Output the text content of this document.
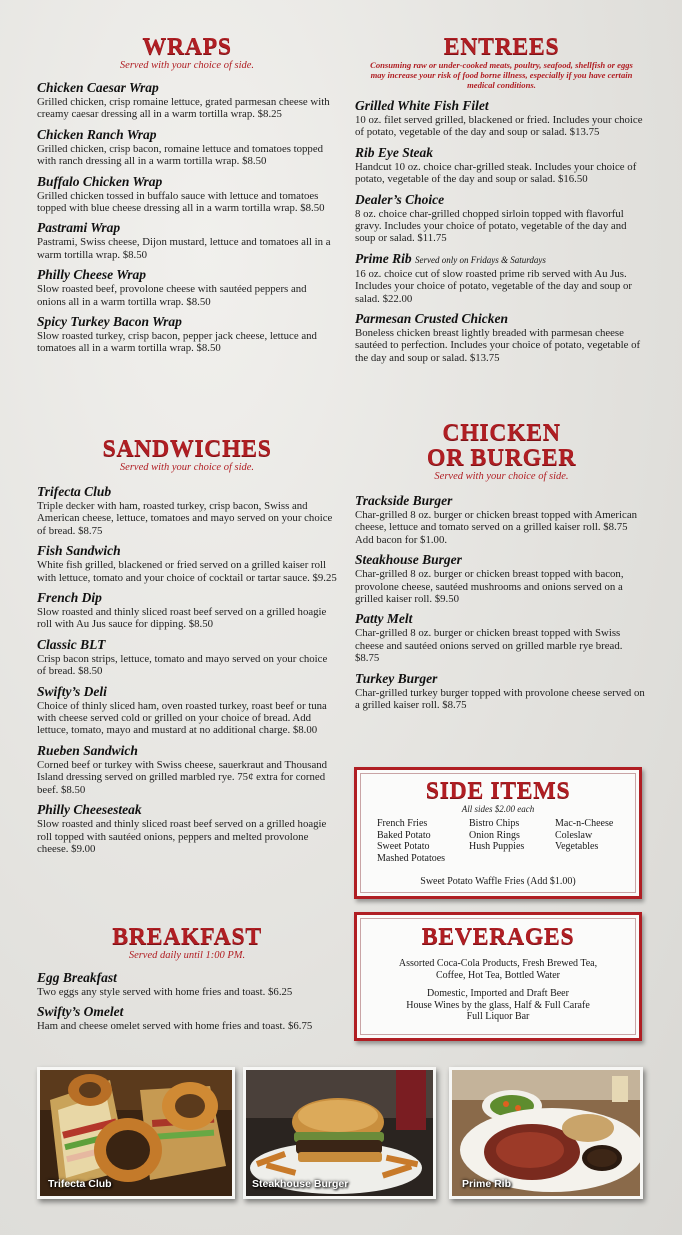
WRAPS
Served with your choice of side.
Chicken Caesar Wrap
Grilled chicken, crisp romaine lettuce, grated parmesan cheese with creamy caesar dressing all in a warm tortilla wrap. $8.25
Chicken Ranch Wrap
Grilled chicken, crisp bacon, romaine lettuce and tomatoes topped with ranch dressing all in a warm tortilla wrap. $8.50
Buffalo Chicken Wrap
Grilled chicken tossed in buffalo sauce with lettuce and tomatoes topped with blue cheese dressing all in a warm tortilla wrap. $8.50
Pastrami Wrap
Pastrami, Swiss cheese, Dijon mustard, lettuce and tomatoes all in a warm tortilla wrap. $8.50
Philly Cheese Wrap
Slow roasted beef, provolone cheese with sautéed peppers and onions all in a warm tortilla wrap. $8.50
Spicy Turkey Bacon Wrap
Slow roasted turkey, crisp bacon, pepper jack cheese, lettuce and tomatoes all in a warm tortilla wrap. $8.50
SANDWICHES
Served with your choice of side.
Trifecta Club
Triple decker with ham, roasted turkey, crisp bacon, Swiss and American cheese, lettuce, tomatoes and mayo served on your choice of bread. $8.75
Fish Sandwich
White fish grilled, blackened or fried served on a grilled kaiser roll with lettuce, tomato and your choice of cocktail or tartar sauce. $9.25
French Dip
Slow roasted and thinly sliced roast beef served on a grilled hoagie roll with Au Jus sauce for dipping. $8.50
Classic BLT
Crisp bacon strips, lettuce, tomato and mayo served on your choice of bread. $8.50
Swifty’s Deli
Choice of thinly sliced ham, oven roasted turkey, roast beef or tuna with cheese served cold or grilled on your choice of bread. Add lettuce, tomato, mayo and mustard at no additional charge. $8.00
Rueben Sandwich
Corned beef or turkey with Swiss cheese, sauerkraut and Thousand Island dressing served on grilled marbled rye. 75¢ extra for corned beef. $8.50
Philly Cheesesteak
Slow roasted and thinly sliced roast beef served on a grilled hoagie roll topped with sautéed onions, peppers and melted provolone cheese. $9.00
BREAKFAST
Served daily until 1:00 PM.
Egg Breakfast
Two eggs any style served with home fries and toast. $6.25
Swifty’s Omelet
Ham and cheese omelet served with home fries and toast. $6.75
ENTREES
Consuming raw or under-cooked meats, poultry, seafood, shellfish or eggs may increase your risk of food borne illness, especially if you have certain medical conditions.
Grilled White Fish Filet
10 oz. filet served grilled, blackened or fried. Includes your choice of potato, vegetable of the day and soup or salad. $13.75
Rib Eye Steak
Handcut 10 oz. choice char-grilled steak. Includes your choice of potato, vegetable of the day and soup or salad. $16.50
Dealer’s Choice
8 oz. choice char-grilled chopped sirloin topped with flavorful gravy. Includes your choice of potato, vegetable of the day and soup or salad. $11.75
Prime Rib Served only on Fridays & Saturdays
16 oz. choice cut of slow roasted prime rib served with Au Jus. Includes your choice of potato, vegetable of the day and soup or salad. $22.00
Parmesan Crusted Chicken
Boneless chicken breast lightly breaded with parmesan cheese sautéed to perfection. Includes your choice of potato, vegetable of the day and soup or salad. $13.75
CHICKEN
OR BURGER
Served with your choice of side.
Trackside Burger
Char-grilled 8 oz. burger or chicken breast topped with American cheese, lettuce and tomato served on a grilled kaiser roll. $8.75 Add bacon for $1.00.
Steakhouse Burger
Char-grilled 8 oz. burger or chicken breast topped with bacon, provolone cheese, sautéed mushrooms and onions served on a grilled kaiser roll. $9.50
Patty Melt
Char-grilled 8 oz. burger or chicken breast topped with Swiss cheese and sautéed onions served on grilled marble rye bread. $8.75
Turkey Burger
Char-grilled turkey burger topped with provolone cheese served on a grilled kaiser roll. $8.75
SIDE ITEMS
All sides $2.00 each
French Fries
Baked Potato
Sweet Potato
Mashed Potatoes
Bistro Chips
Onion Rings
Hush Puppies
Mac-n-Cheese
Coleslaw
Vegetables
Sweet Potato Waffle Fries (Add $1.00)
BEVERAGES
Assorted Coca-Cola Products, Fresh Brewed Tea,
Coffee, Hot Tea, Bottled Water
Domestic, Imported and Draft Beer
House Wines by the glass, Half & Full Carafe
Full Liquor Bar
Trifecta Club	Steakhouse Burger	Prime Rib
